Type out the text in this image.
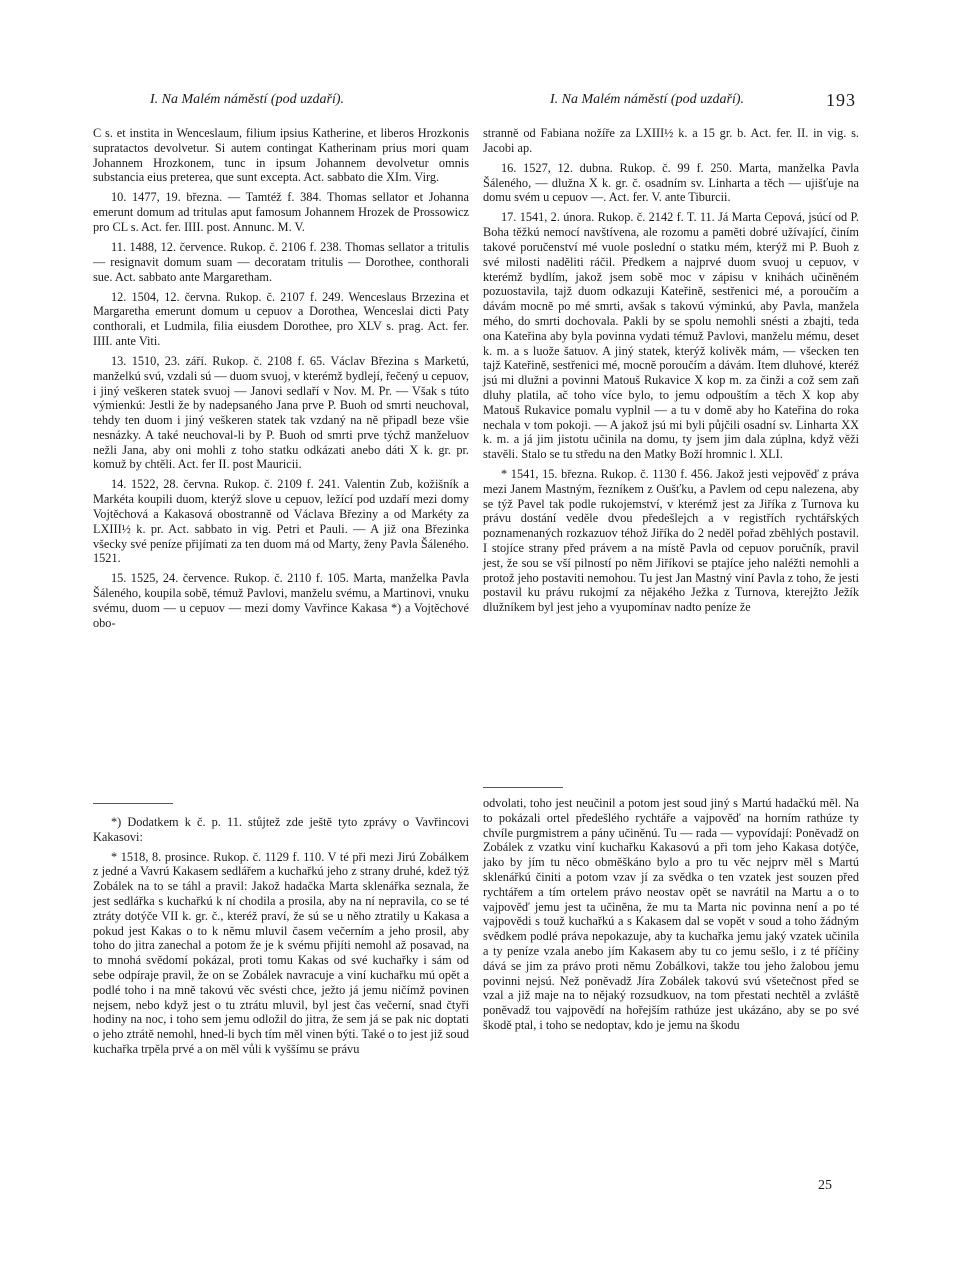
I. Na Malém náměstí (pod uzdaří).	I. Na Malém náměstí (pod uzdaří).	193

C s. et instita in Wenceslaum, filium ipsius Katherine, et liberos Hrozkonis supratactos devolvetur. Si autem contingat Katherinam prius mori quam Johannem Hrozkonem, tunc in ipsum Johannem devolvetur omnis substancia eius preterea, que sunt excepta. Act. sabbato die XIm. Virg.

10. 1477, 19. března. — Tamtéž f. 384. Thomas sellator et Johanna emerunt domum ad tritulas aput famosum Johannem Hrozek de Prossowicz pro CL s. Act. fer. IIII. post. Annunc. M. V.

11. 1488, 12. července. Rukop. č. 2106 f. 238. Thomas sellator a tritulis — resignavit domum suam — decoratam tritulis — Dorothee, conthorali sue. Act. sabbato ante Margaretham.

12. 1504, 12. června. Rukop. č. 2107 f. 249. Wenceslaus Brzezina et Margaretha emerunt domum u cepuov a Dorothea, Wenceslai dicti Paty conthorali, et Ludmila, filia eiusdem Dorothee, pro XLV s. prag. Act. fer. IIII. ante Viti.

13. 1510, 23. září. Rukop. č. 2108 f. 65. Václav Březina s Marketú, manželkú svú, vzdali sú — duom svuoj, v kterémž bydlejí, řečený u cepuov, i jiný veškeren statek svuoj — Janovi sedlaří v Nov. M. Pr. — Však s túto výmienkú: Jestli že by nadepsaného Jana prve P. Buoh od smrti neuchoval, tehdy ten duom i jiný veškeren statek tak vzdaný na ně připadl beze všie nesnázky. A také neuchoval-li by P. Buoh od smrti prve týchž manželuov nežli Jana, aby oni mohli z toho statku odkázati anebo dáti X k. gr. pr. komuž by chtěli. Act. fer II. post Mauricii.

14. 1522, 28. června. Rukop. č. 2109 f. 241. Valentin Zub, kožišník a Markéta koupili duom, kterýž slove u cepuov, ležící pod uzdaří mezi domy Vojtěchová a Kakasová obostranně od Václava Březiny a od Markéty za LXIII½ k. pr. Act. sabbato in vig. Petri et Pauli. — A již ona Březinka všecky své peníze přijímati za ten duom má od Marty, ženy Pavla Šáleného. 1521.

15. 1525, 24. července. Rukop. č. 2110 f. 105. Marta, manželka Pavla Šáleného, koupila sobě, témuž Pavlovi, manželu svému, a Martinovi, vnuku svému, duom — u cepuov — mezi domy Vavřince Kakasa *) a Vojtěchové obo-

*) Dodatkem k č. p. 11. stůjtež zde ještě tyto zprávy o Vavřincovi Kakasovi:

* 1518, 8. prosince. Rukop. č. 1129 f. 110. V té při mezi Jirú Zobálkem z jedné a Vavrú Kakasem sedlářem a kuchařkú jeho z strany druhé, kdež týž Zobálek na to se táhl a pravil: Jakož hadačka Marta sklenářka seznala, že jest sedlářka s kuchařkú k ní chodila a prosila, aby na ní nepravila, co se té ztráty dotýče VII k. gr. č., kteréž praví, že sú se u něho ztratily u Kakasa a pokud jest Kakas o to k němu mluvil časem večerním a jeho prosil, aby toho do jitra zanechal a potom že je k svému přijíti nemohl až posavad, na to mnohá svědomí pokázal, proti tomu Kakas od své kuchařky i sám od sebe odpíraje pravil, že on se Zobálek navracuje a viní kuchařku mú opět a podlé toho i na mně takovú věc svésti chce, ježto já jemu ničímž povinen nejsem, nebo když jest o tu ztrátu mluvil, byl jest čas večerní, snad čtyři hodiny na noc, i toho sem jemu odložil do jitra, že sem já se pak nic doptati o jeho ztrátě nemohl, hned-li bych tím měl vinen býti. Také o to jest již soud kuchařka trpěla prvé a on měl vůli k vyššímu se právu

stranně od Fabiana nožíře za LXIII½ k. a 15 gr. b. Act. fer. II. in vig. s. Jacobi ap.

16. 1527, 12. dubna. Rukop. č. 99 f. 250. Marta, manželka Pavla Šáleného, — dlužna X k. gr. č. osadním sv. Linharta a těch — ujišťuje na domu svém u cepuov —. Act. fer. V. ante Tiburcii.

17. 1541, 2. února. Rukop. č. 2142 f. T. 11. Já Marta Cepová, jsúcí od P. Boha těžkú nemocí navštívena, ale rozomu a paměti dobré užívající, činím takové poručenství mé vuole poslední o statku mém, kterýž mi P. Buoh z své milosti naděliti ráčil. Předkem a najprvé duom svuoj u cepuov, v kterémž bydlím, jakož jsem sobě moc v zápisu v knihách učiněném pozuostavila, tajž duom odkazuji Kateřině, sestřenici mé, a poroučím a dávám mocně po mé smrti, avšak s takovú výminkú, aby Pavla, manžela mého, do smrti dochovala. Pakli by se spolu nemohli snésti a zbajti, teda ona Kateřina aby byla povinna vydati témuž Pavlovi, manželu mému, deset k. m. a s luože šatuov. A jiný statek, kterýž kolivěk mám, — všecken ten tajž Kateřině, sestřenici mé, mocně poroučím a dávám. Item dluhové, kteréž jsú mi dlužni a povinni Matouš Rukavice X kop m. za činži a což sem zaň dluhy platila, ač toho více bylo, to jemu odpouštím a těch X kop aby Matouš Rukavice pomalu vyplnil — a tu v domě aby ho Kateřina do roka nechala v tom pokoji. — A jakož jsú mi byli půjčili osadní sv. Linharta XX k. m. a já jim jistotu učinila na domu, ty jsem jim dala zúplna, když věži stavěli. Stalo se tu středu na den Matky Boží hromnic l. XLI.

* 1541, 15. března. Rukop. č. 1130 f. 456. Jakož jesti vejpověď z práva mezi Janem Mastným, řezníkem z Oušťku, a Pavlem od cepu nalezena, aby se týž Pavel tak podle rukojemství, v kterémž jest za Jiříka z Turnova ku právu dostání veděle dvou předešlejch a v registřích rychtářských poznamenaných rozkazuov téhož Jiříka do 2 neděl pořad zběhlých postavil. I stojíce strany před právem a na místě Pavla od cepuov poručník, pravil jest, že sou se vší pilností po něm Jiříkovi se ptajíce jeho naléžti nemohli a protož jeho postaviti nemohou. Tu jest Jan Mastný viní Pavla z toho, že jesti postavil ku právu rukojmí za nějakého Ježka z Turnova, kterejžto Ježík dlužníkem byl jest jeho a vyupomínav nadto peníze že

odvolati, toho jest neučinil a potom jest soud jiný s Martú hadačkú měl. Na to pokázali ortel předešlého rychtáře a vajpověď na horním rathúze ty chvíle purgmistrem a pány učiněnú. Tu — rada — vypovídají: Poněvadž on Zobálek z vzatku viní kuchařku Kakasovú a při tom jeho Kakasa dotýče, jako by jím tu něco obměškáno bylo a pro tu věc nejprv měl s Martú sklenářkú činiti a potom vzav jí za svědka o ten vzatek jest souzen před rychtářem a tím ortelem právo neostav opět se navrátil na Martu a o to vajpověď jemu jest ta učiněna, že mu ta Marta nic povinna není a po té vajpovědi s touž kuchařkú a s Kakasem dal se vopět v soud a toho žádným svědkem podlé práva nepokazuje, aby ta kuchařka jemu jaký vzatek učinila a ty peníze vzala anebo jím Kakasem aby tu co jemu sešlo, i z té příčiny dává se jim za právo proti němu Zobálkovi, takže tou jeho žalobou jemu povinni nejsú. Než poněvadž Jíra Zobálek takovú svú všetečnost před se vzal a již maje na to nějaký rozsudkuov, na tom přestati nechtěl a zvláště poněvadž tou vajpovědí na hořejším rathúze jest ukázáno, aby se po své škodě ptal, i toho se nedoptav, kdo je jemu na škodu

25
